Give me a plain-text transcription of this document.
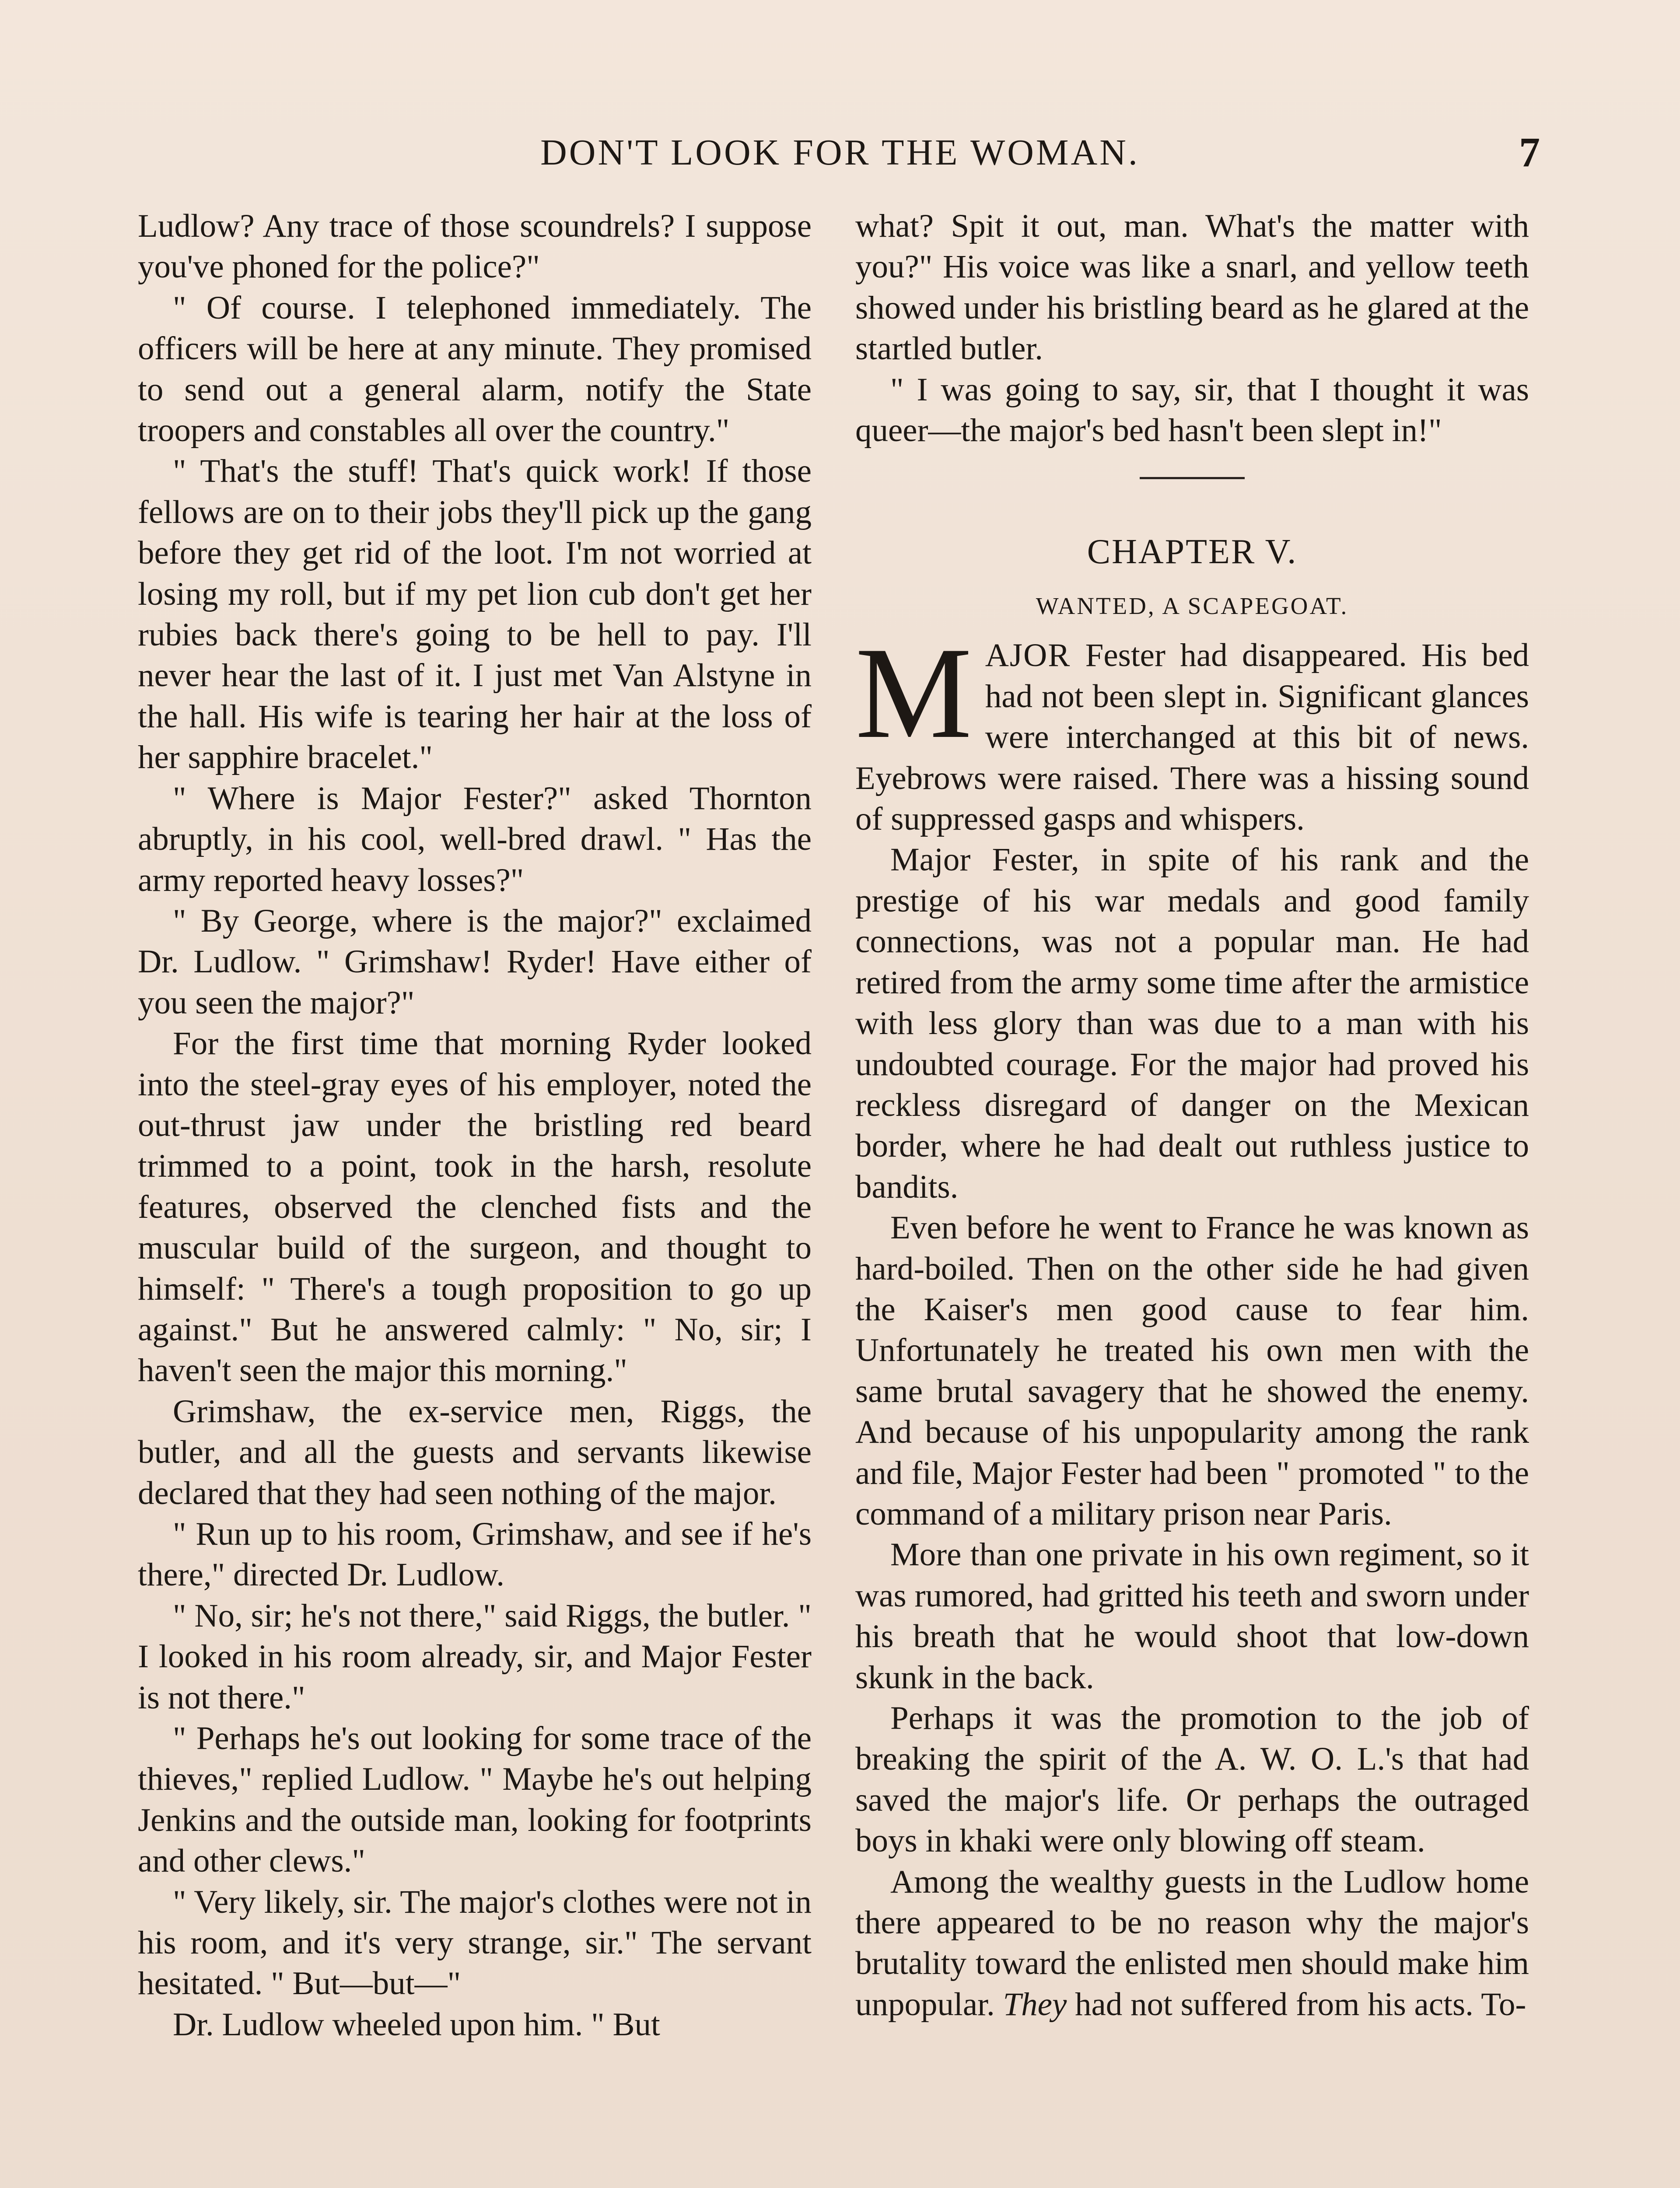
DON'T LOOK FOR THE WOMAN.	7

Ludlow? Any trace of those scoundrels? I suppose you've phoned for the police?"

" Of course. I telephoned immediately. The officers will be here at any minute. They promised to send out a general alarm, notify the State troopers and constables all over the country."

" That's the stuff! That's quick work! If those fellows are on to their jobs they'll pick up the gang before they get rid of the loot. I'm not worried at losing my roll, but if my pet lion cub don't get her rubies back there's going to be hell to pay. I'll never hear the last of it. I just met Van Alstyne in the hall. His wife is tearing her hair at the loss of her sapphire bracelet."

" Where is Major Fester?" asked Thornton abruptly, in his cool, well-bred drawl. " Has the army reported heavy losses?"

" By George, where is the major?" exclaimed Dr. Ludlow. " Grimshaw! Ryder! Have either of you seen the major?"

For the first time that morning Ryder looked into the steel-gray eyes of his employer, noted the out-thrust jaw under the bristling red beard trimmed to a point, took in the harsh, resolute features, observed the clenched fists and the muscular build of the surgeon, and thought to himself: " There's a tough proposition to go up against." But he answered calmly: " No, sir; I haven't seen the major this morning."

Grimshaw, the ex-service men, Riggs, the butler, and all the guests and servants likewise declared that they had seen nothing of the major.

" Run up to his room, Grimshaw, and see if he's there," directed Dr. Ludlow.

" No, sir; he's not there," said Riggs, the butler. " I looked in his room already, sir, and Major Fester is not there."

" Perhaps he's out looking for some trace of the thieves," replied Ludlow. " Maybe he's out helping Jenkins and the outside man, looking for footprints and other clews."

" Very likely, sir. The major's clothes were not in his room, and it's very strange, sir." The servant hesitated. " But—but—"

Dr. Ludlow wheeled upon him. " But

what? Spit it out, man. What's the matter with you?" His voice was like a snarl, and yellow teeth showed under his bristling beard as he glared at the startled butler.

" I was going to say, sir, that I thought it was queer—the major's bed hasn't been slept in!"

CHAPTER V.
WANTED, A SCAPEGOAT.

MAJOR Fester had disappeared. His bed had not been slept in. Significant glances were interchanged at this bit of news. Eyebrows were raised. There was a hissing sound of suppressed gasps and whispers.

Major Fester, in spite of his rank and the prestige of his war medals and good family connections, was not a popular man. He had retired from the army some time after the armistice with less glory than was due to a man with his undoubted courage. For the major had proved his reckless disregard of danger on the Mexican border, where he had dealt out ruthless justice to bandits.

Even before he went to France he was known as hard-boiled. Then on the other side he had given the Kaiser's men good cause to fear him. Unfortunately he treated his own men with the same brutal savagery that he showed the enemy. And because of his unpopularity among the rank and file, Major Fester had been " promoted " to the command of a military prison near Paris.

More than one private in his own regiment, so it was rumored, had gritted his teeth and sworn under his breath that he would shoot that low-down skunk in the back.

Perhaps it was the promotion to the job of breaking the spirit of the A. W. O. L.'s that had saved the major's life. Or perhaps the outraged boys in khaki were only blowing off steam.

Among the wealthy guests in the Ludlow home there appeared to be no reason why the major's brutality toward the enlisted men should make him unpopular. They had not suffered from his acts. To-
